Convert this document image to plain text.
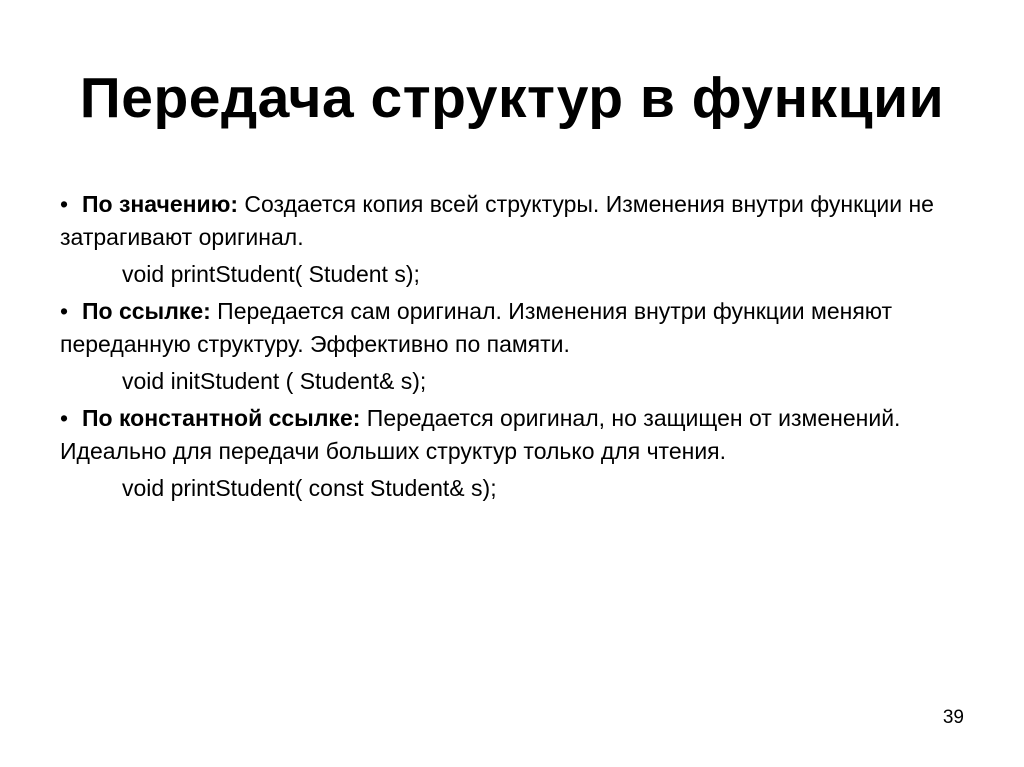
Передача структур в функции
• По значению: Создается копия всей структуры. Изменения внутри функции не затрагивают оригинал.
void printStudent( Student s);
• По ссылке: Передается сам оригинал. Изменения внутри функции меняют переданную структуру. Эффективно по памяти.
void initStudent ( Student& s);
• По константной ссылке: Передается оригинал, но защищен от изменений. Идеально для передачи больших структур только для чтения.
void printStudent( const Student& s);
39
